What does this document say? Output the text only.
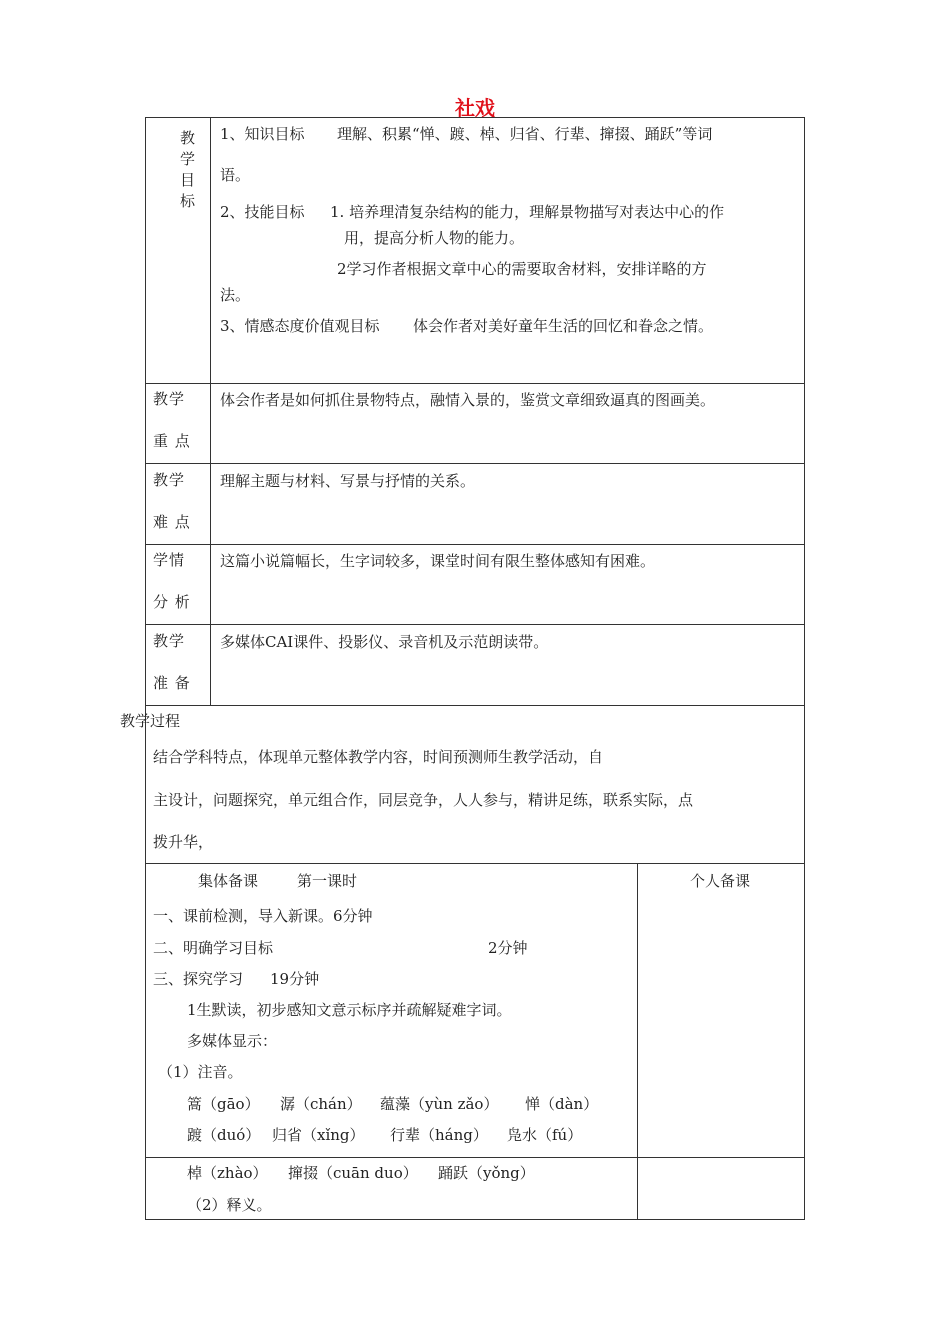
社戏
教学目标
1、知识目标 理解、积累“惮、踱、棹、归省、行辈、撺掇、踊跃”等词
语。
2、技能目标 1. 培养理清复杂结构的能力，理解景物描写对表达中心的作
用，提高分析人物的能力。
2学习作者根据文章中心的需要取舍材料，安排详略的方
法。
3、情感态度价值观目标 体会作者对美好童年生活的回忆和眷念之情。
教学
重 点
体会作者是如何抓住景物特点，融情入景的，鉴赏文章细致逼真的图画美。
教学
难 点
理解主题与材料、写景与抒情的关系。
学情
分 析
这篇小说篇幅长，生字词较多，课堂时间有限生整体感知有困难。
教学
准 备
多媒体CAI课件、投影仪、录音机及示范朗读带。
教学过程
结合学科特点，体现单元整体教学内容，时间预测师生教学活动，自
主设计，问题探究，单元组合作，同层竞争，人人参与，精讲足练，联系实际，点
拨升华，
集体备课	第一课时	个人备课
一、课前检测，导入新课。6分钟
二、明确学习目标	2分钟
三、探究学习 19分钟
1生默读，初步感知文意示标序并疏解疑难字词。
多媒体显示：
（1）注音。
篙（gāo） 潺（chán） 蕴藻（yùn zǎo） 惮（dàn）
踱（duó） 归省（xǐng） 行辈（háng） 凫水（fú）
棹（zhào） 撺掇（cuān duo） 踊跃（yǒng）
（2）释义。
